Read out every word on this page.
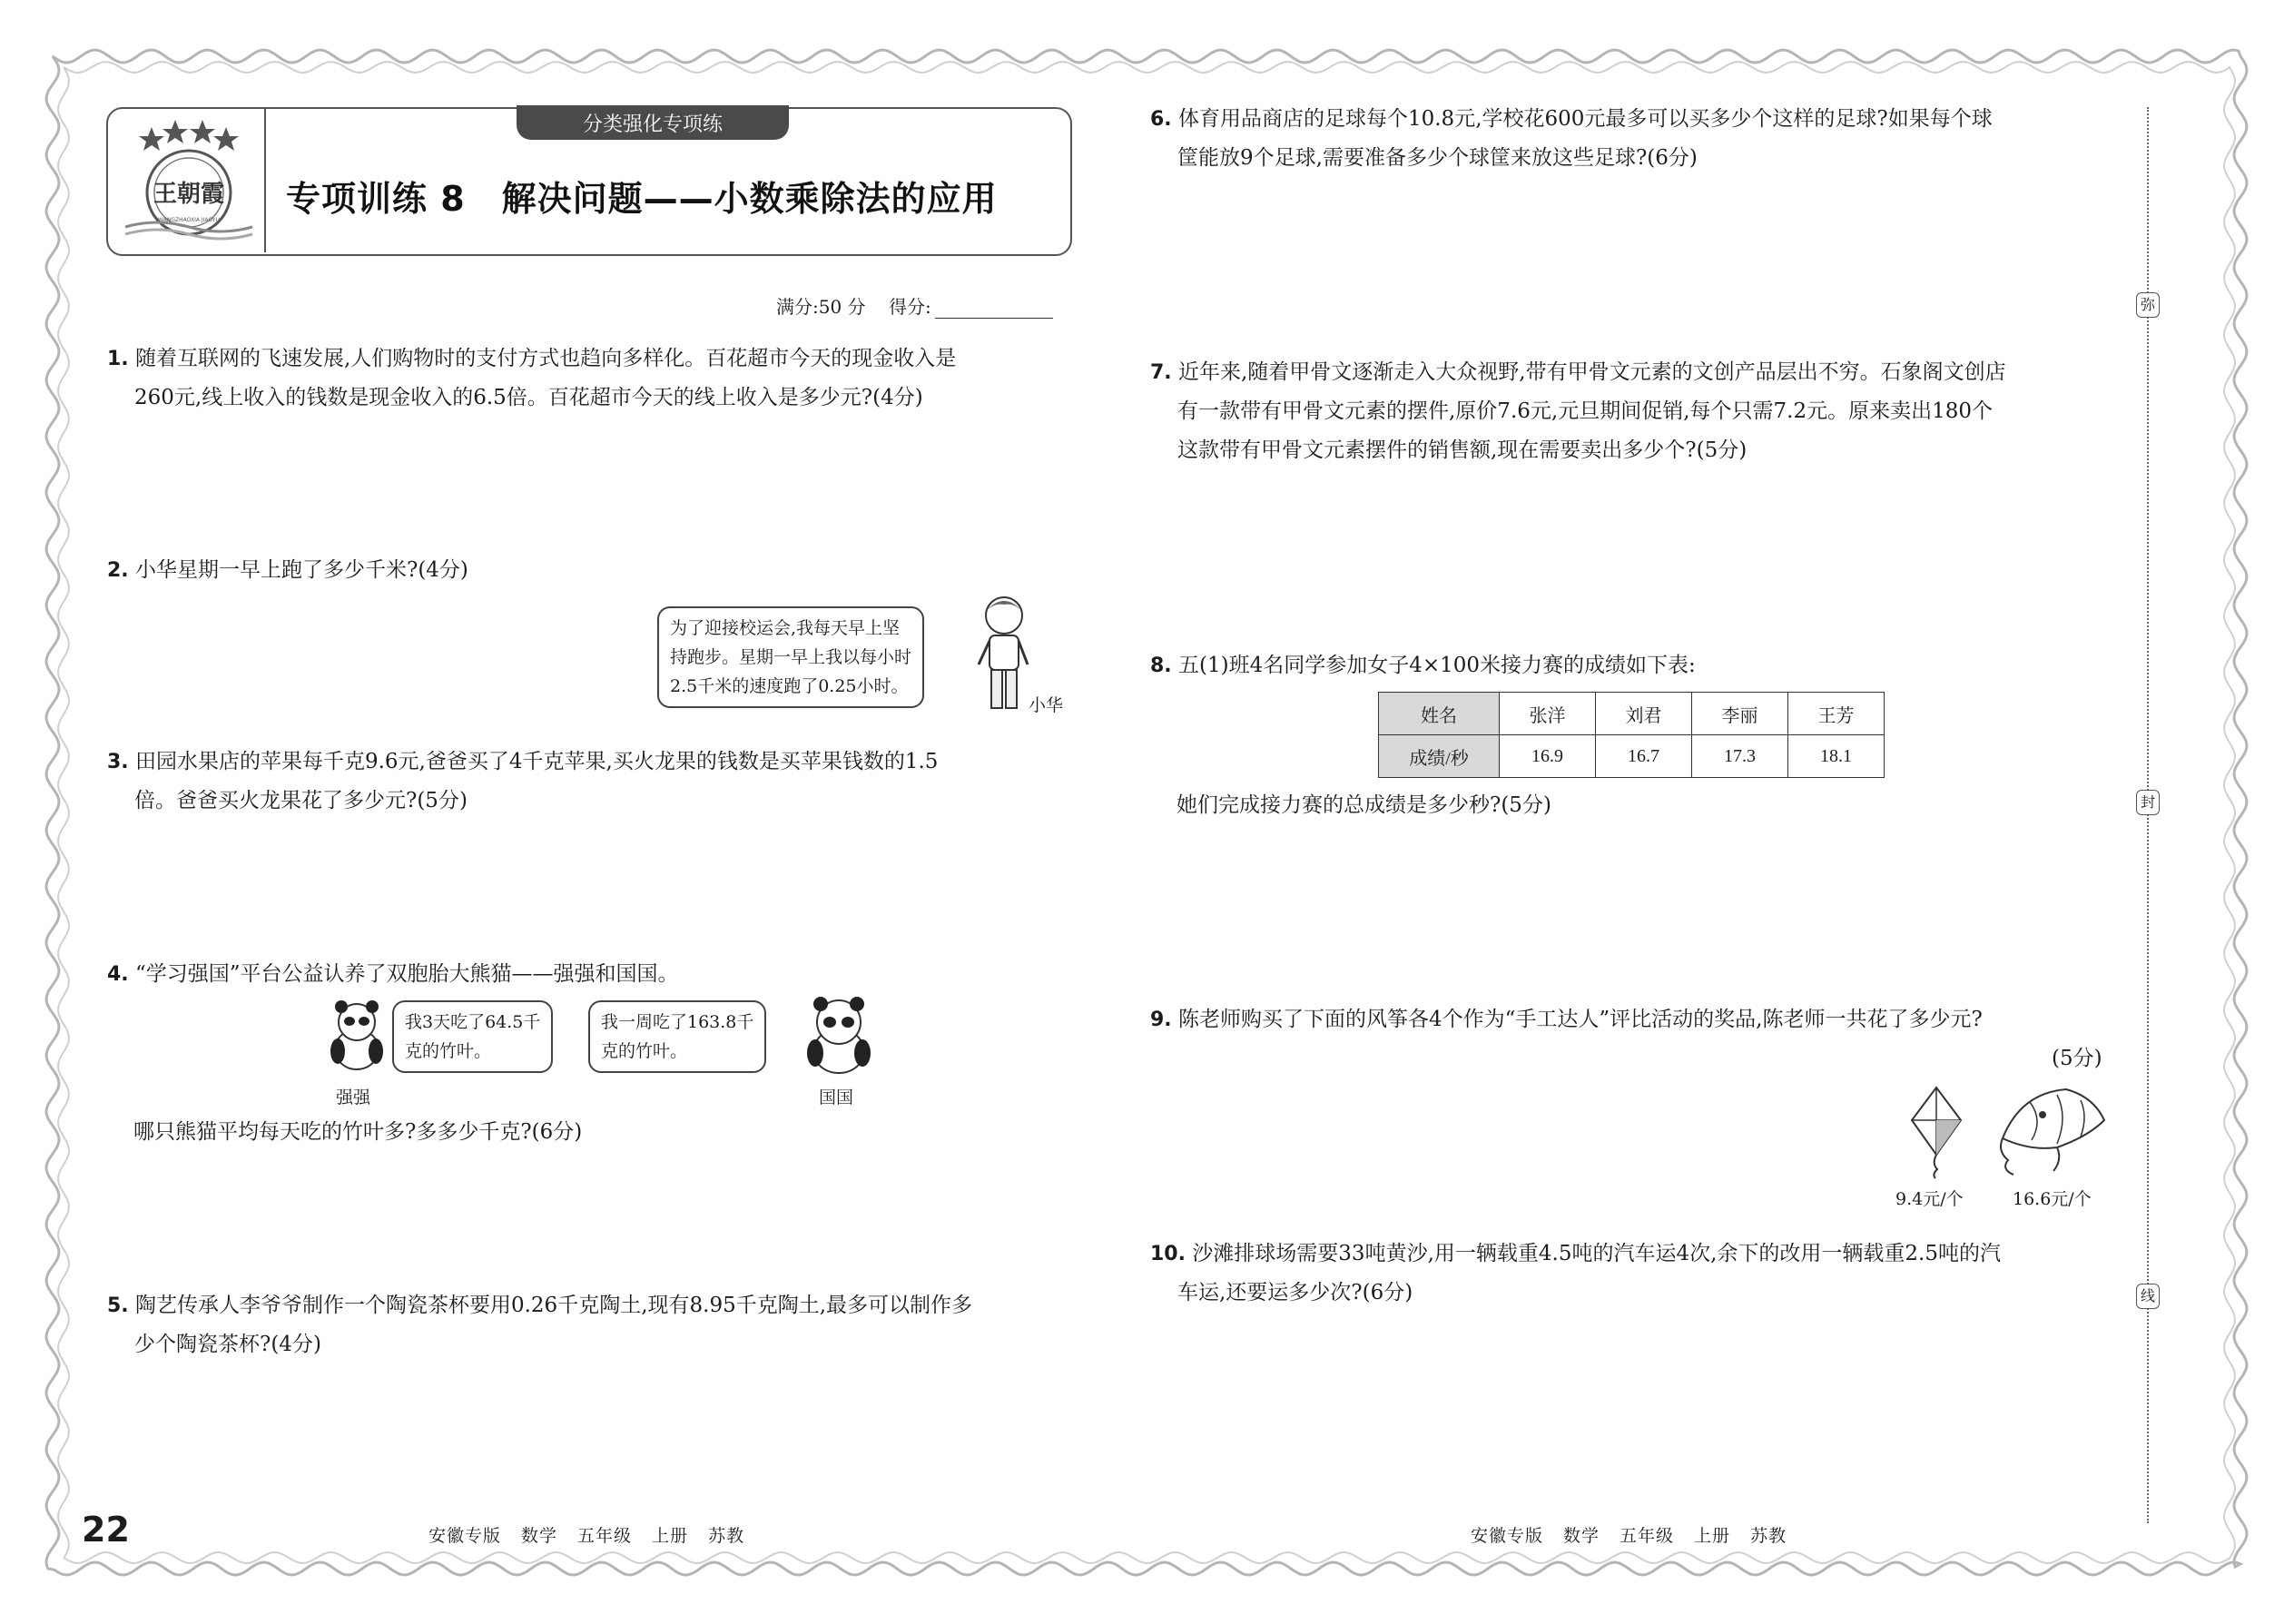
弥
封
线
王朝霞
WANGZHAOXIA JIAOYU
分类强化专项练
专项训练 8 解决问题——小数乘除法的应用
满分:50 分 得分:
1. 随着互联网的飞速发展,人们购物时的支付方式也趋向多样化。百花超市今天的现金收入是
260元,线上收入的钱数是现金收入的6.5倍。百花超市今天的线上收入是多少元?(4分)
2. 小华星期一早上跑了多少千米?(4分)
为了迎接校运会,我每天早上坚
持跑步。星期一早上我以每小时
2.5千米的速度跑了0.25小时。
小华
3. 田园水果店的苹果每千克9.6元,爸爸买了4千克苹果,买火龙果的钱数是买苹果钱数的1.5
倍。爸爸买火龙果花了多少元?(5分)
4. “学习强国”平台公益认养了双胞胎大熊猫——强强和国国。
我3天吃了64.5千
克的竹叶。
我一周吃了163.8千
克的竹叶。
强强	国国
哪只熊猫平均每天吃的竹叶多?多多少千克?(6分)
5. 陶艺传承人李爷爷制作一个陶瓷茶杯要用0.26千克陶土,现有8.95千克陶土,最多可以制作多
少个陶瓷茶杯?(4分)
6. 体育用品商店的足球每个10.8元,学校花600元最多可以买多少个这样的足球?如果每个球
筐能放9个足球,需要准备多少个球筐来放这些足球?(6分)
7. 近年来,随着甲骨文逐渐走入大众视野,带有甲骨文元素的文创产品层出不穷。石象阁文创店
有一款带有甲骨文元素的摆件,原价7.6元,元旦期间促销,每个只需7.2元。原来卖出180个
这款带有甲骨文元素摆件的销售额,现在需要卖出多少个?(5分)
8. 五(1)班4名同学参加女子4×100米接力赛的成绩如下表:
姓名	张洋	刘君	李丽	王芳
成绩/秒	16.9	16.7	17.3	18.1
她们完成接力赛的总成绩是多少秒?(5分)
9. 陈老师购买了下面的风筝各4个作为“手工达人”评比活动的奖品,陈老师一共花了多少元?
(5分)
9.4元/个	16.6元/个
10. 沙滩排球场需要33吨黄沙,用一辆载重4.5吨的汽车运4次,余下的改用一辆载重2.5吨的汽
车运,还要运多少次?(6分)
22	安徽专版 数学 五年级 上册 苏教	安徽专版 数学 五年级 上册 苏教
